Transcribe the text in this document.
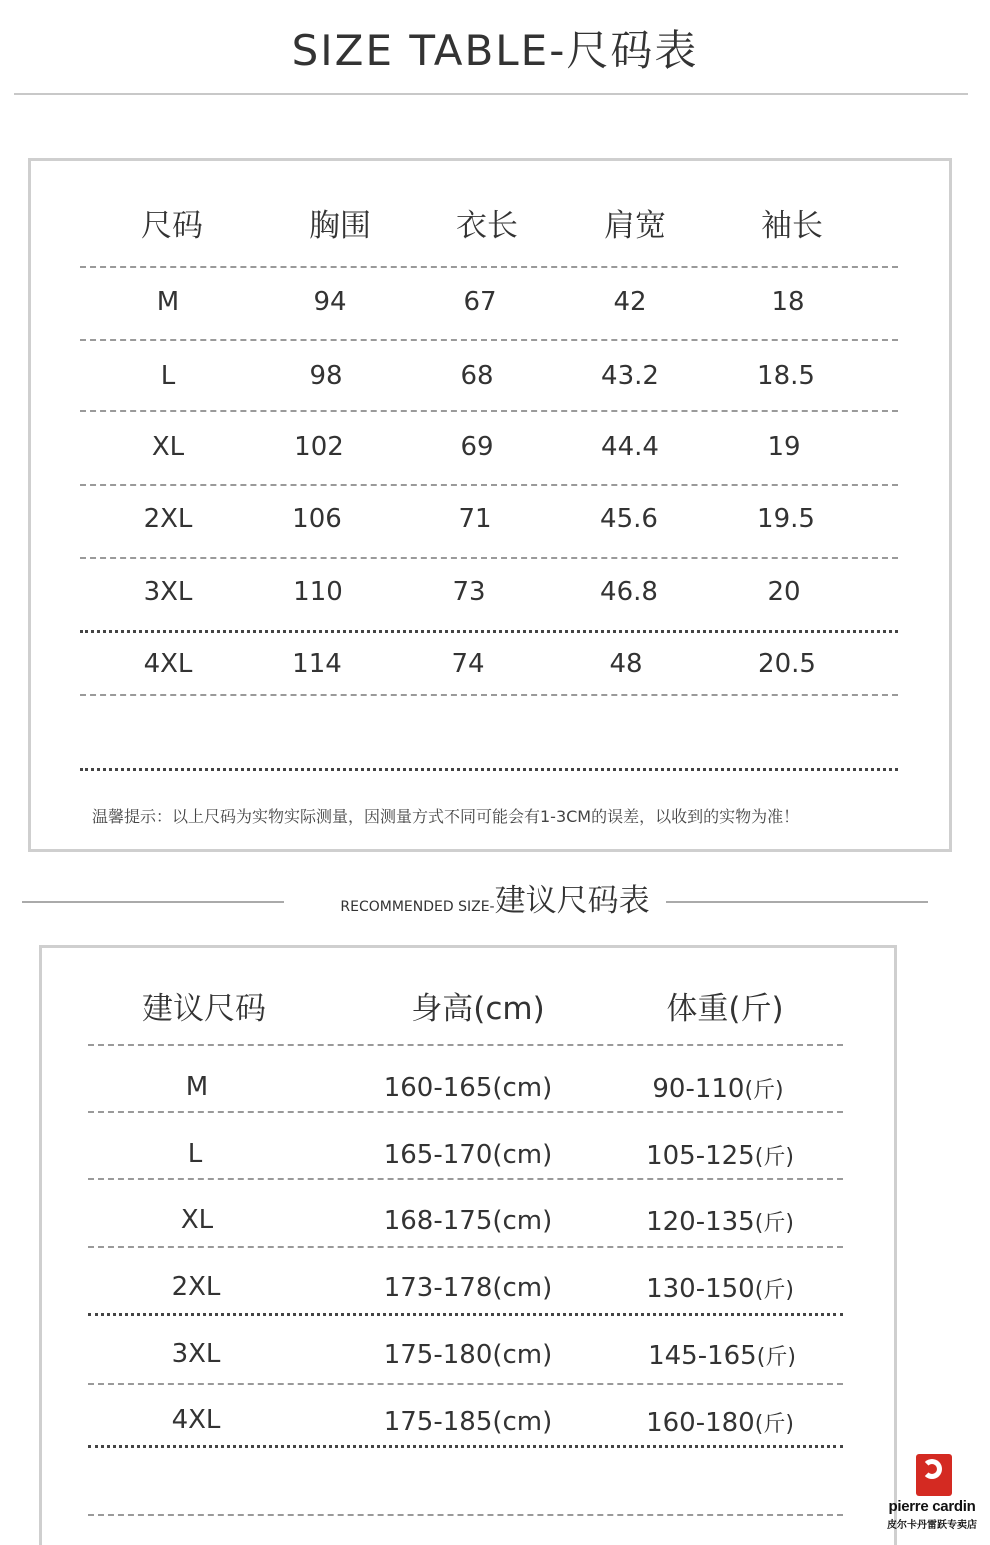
SIZE TABLE-尺码表
尺码	胸围	衣长	肩宽	袖长
M	94	67	42	18
L	98	68	43.2	18.5
XL	102	69	44.4	19
2XL	106	71	45.6	19.5
3XL	110	73	46.8	20
4XL	114	74	48	20.5
温馨提示：以上尺码为实物实际测量，因测量方式不同可能会有1-3CM的误差，以收到的实物为准！
RECOMMENDED SIZE-建议尺码表
建议尺码	身高(cm)	体重(斤)
M	160-165(cm)	90-110(斤)
L	165-170(cm)	105-125(斤)
XL	168-175(cm)	120-135(斤)
2XL	173-178(cm)	130-150(斤)
3XL	175-180(cm)	145-165(斤)
4XL	175-185(cm)	160-180(斤)
pierre cardin
皮尔卡丹雷跃专卖店
